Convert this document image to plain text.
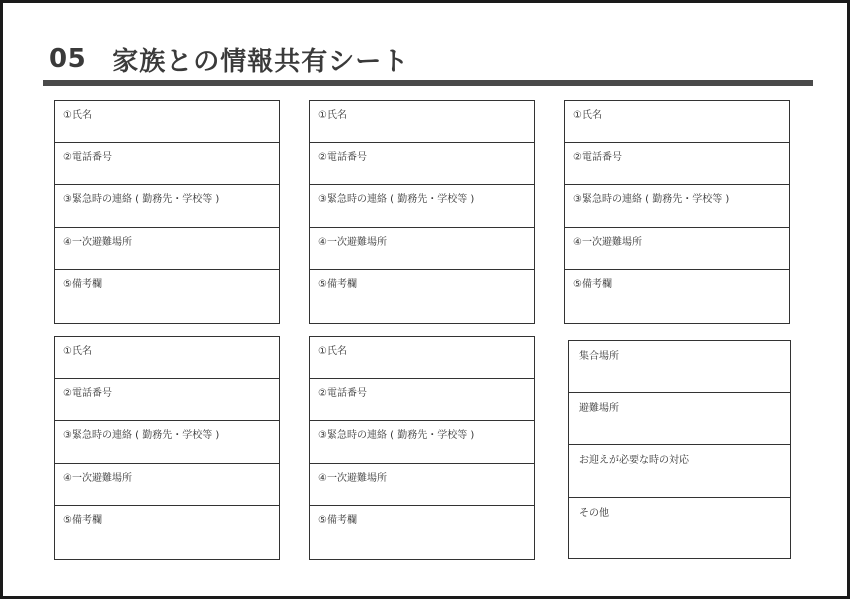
05 家族との情報共有シート
①氏名
②電話番号
③緊急時の連絡 ( 勤務先・学校等 )
④一次避難場所
⑤備考欄
①氏名
②電話番号
③緊急時の連絡 ( 勤務先・学校等 )
④一次避難場所
⑤備考欄
①氏名
②電話番号
③緊急時の連絡 ( 勤務先・学校等 )
④一次避難場所
⑤備考欄
①氏名
②電話番号
③緊急時の連絡 ( 勤務先・学校等 )
④一次避難場所
⑤備考欄
①氏名
②電話番号
③緊急時の連絡 ( 勤務先・学校等 )
④一次避難場所
⑤備考欄
集合場所
避難場所
お迎えが必要な時の対応
その他
